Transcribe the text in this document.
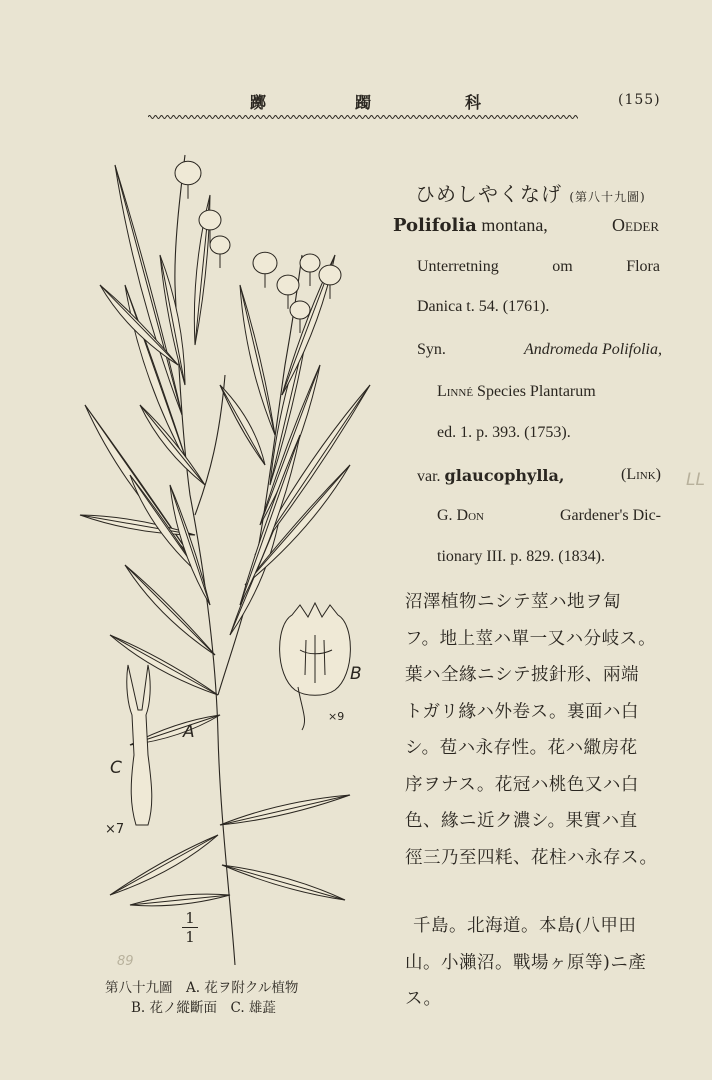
躑	躅	科	(155)
ひめしやくなげ (第八十九圖)
Polifolia montana,	Oeder
Unterretning	om	Flora
Danica t. 54. (1761).
Syn.	Andromeda Polifolia,
Linné Species Plantarum
ed. 1. p. 393. (1753).
var. glaucophylla,	(Link)
G. Don	Gardener's Dic-
tionary III. p. 829. (1834).

沼澤植物ニシテ莖ハ地ヲ匐

フ。地上莖ハ單一又ハ分岐ス。

葉ハ全緣ニシテ披針形、兩端

トガリ緣ハ外卷ス。裏面ハ白

シ。苞ハ永存性。花ハ繖房花

序ヲナス。花冠ハ桃色又ハ白

色、緣ニ近ク濃シ。果實ハ直

徑三乃至四粍、花柱ハ永存ス。

千島。北海道。本島(八甲田

山。小瀨沼。戰場ヶ原等)ニ產

ス。

A
B
C
×9
×7
1
1
89
第八十九圖　A. 花ヲ附クル植物
B. 花ノ縱斷面　C. 雄蕋
LL
